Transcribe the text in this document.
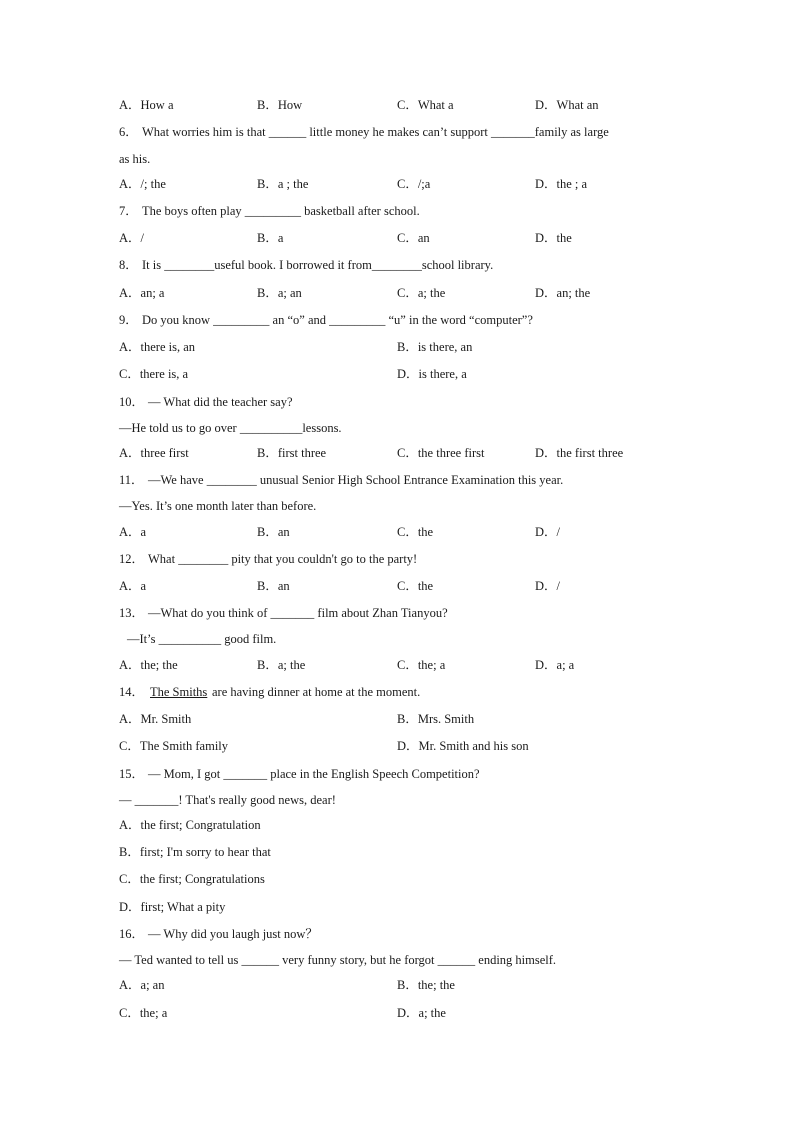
A．How a	B．How	C．What a	D．What an
6． What worries him is that ______ little money he makes can’t support _______family as large
as his.
A．/; the	B．a ; the	C．/;a	D．the ; a
7． The boys often play _________ basketball after school.
A．/	B．a	C．an	D．the
8． It is ________useful book. I borrowed it from________school library.
A．an; a	B．a; an	C．a; the	D．an; the
9． Do you know _________ an “o” and _________ “u” in the word “computer”?
A．there is, an	B．is there, an
C．there is, a	D．is there, a
10． — What did the teacher say?
—He told us to go over __________lessons.
A．three first	B．first three	C．the three first	D．the first three
11． —We have ________ unusual Senior High School Entrance Examination this year.
—Yes. It’s one month later than before.
A．a	B．an	C．the	D．/
12． What ________ pity that you couldn't go to the party!
A．a	B．an	C．the	D．/
13． —What do you think of _______ film about Zhan Tianyou?
—It’s __________ good film.
A．the; the	B．a; the	C．the; a	D．a; a
14． The Smiths are having dinner at home at the moment.
A．Mr. Smith	B．Mrs. Smith
C．The Smith family	D．Mr. Smith and his son
15． — Mom, I got _______ place in the English Speech Competition?
— _______! That's really good news, dear!
A．the first; Congratulation
B．first; I'm sorry to hear that
C．the first; Congratulations
D．first; What a pity
16． — Why did you laugh just now？
— Ted wanted to tell us ______ very funny story, but he forgot ______ ending himself.
A．a; an	B．the; the
C．the; a	D．a; the
